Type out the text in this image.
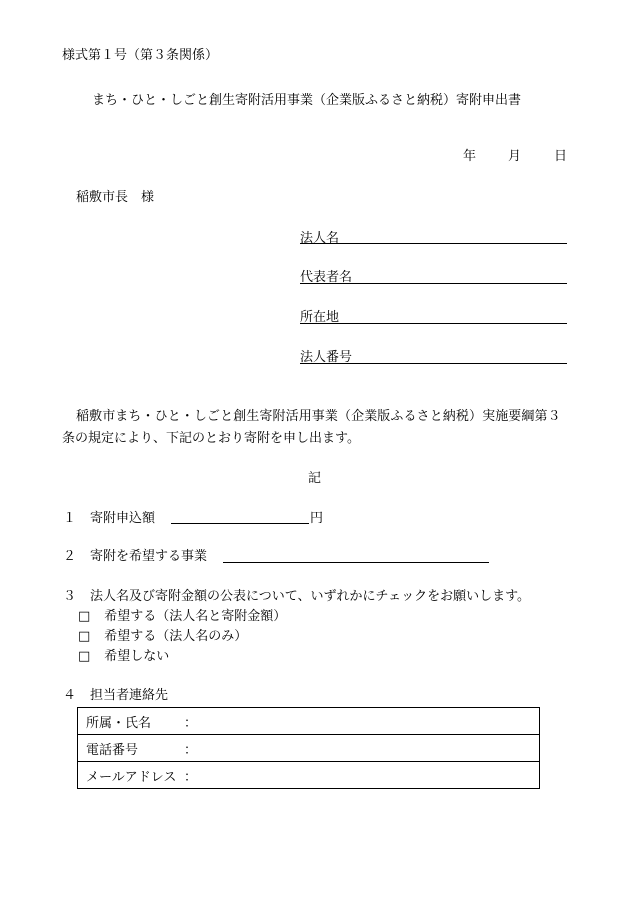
様式第１号（第３条関係）
まち・ひと・しごと創生寄附活用事業（企業版ふるさと納税）寄附申出書
年 月	日
稲敷市長　様
法人名
代表者名
所在地
法人番号
稲敷市まち・ひと・しごと創生寄附活用事業（企業版ふるさと納税）実施要綱第３
条の規定により、下記のとおり寄附を申し出ます。
記
１ 寄附申込額	円
２ 寄附を希望する事業
３ 法人名及び寄附金額の公表について、いずれかにチェックをお願いします。
□ 希望する（法人名と寄附金額）
□ 希望する（法人名のみ）
□ 希望しない
４ 担当者連絡先
所属・氏名	：
電話番号	：
メールアドレス ：
